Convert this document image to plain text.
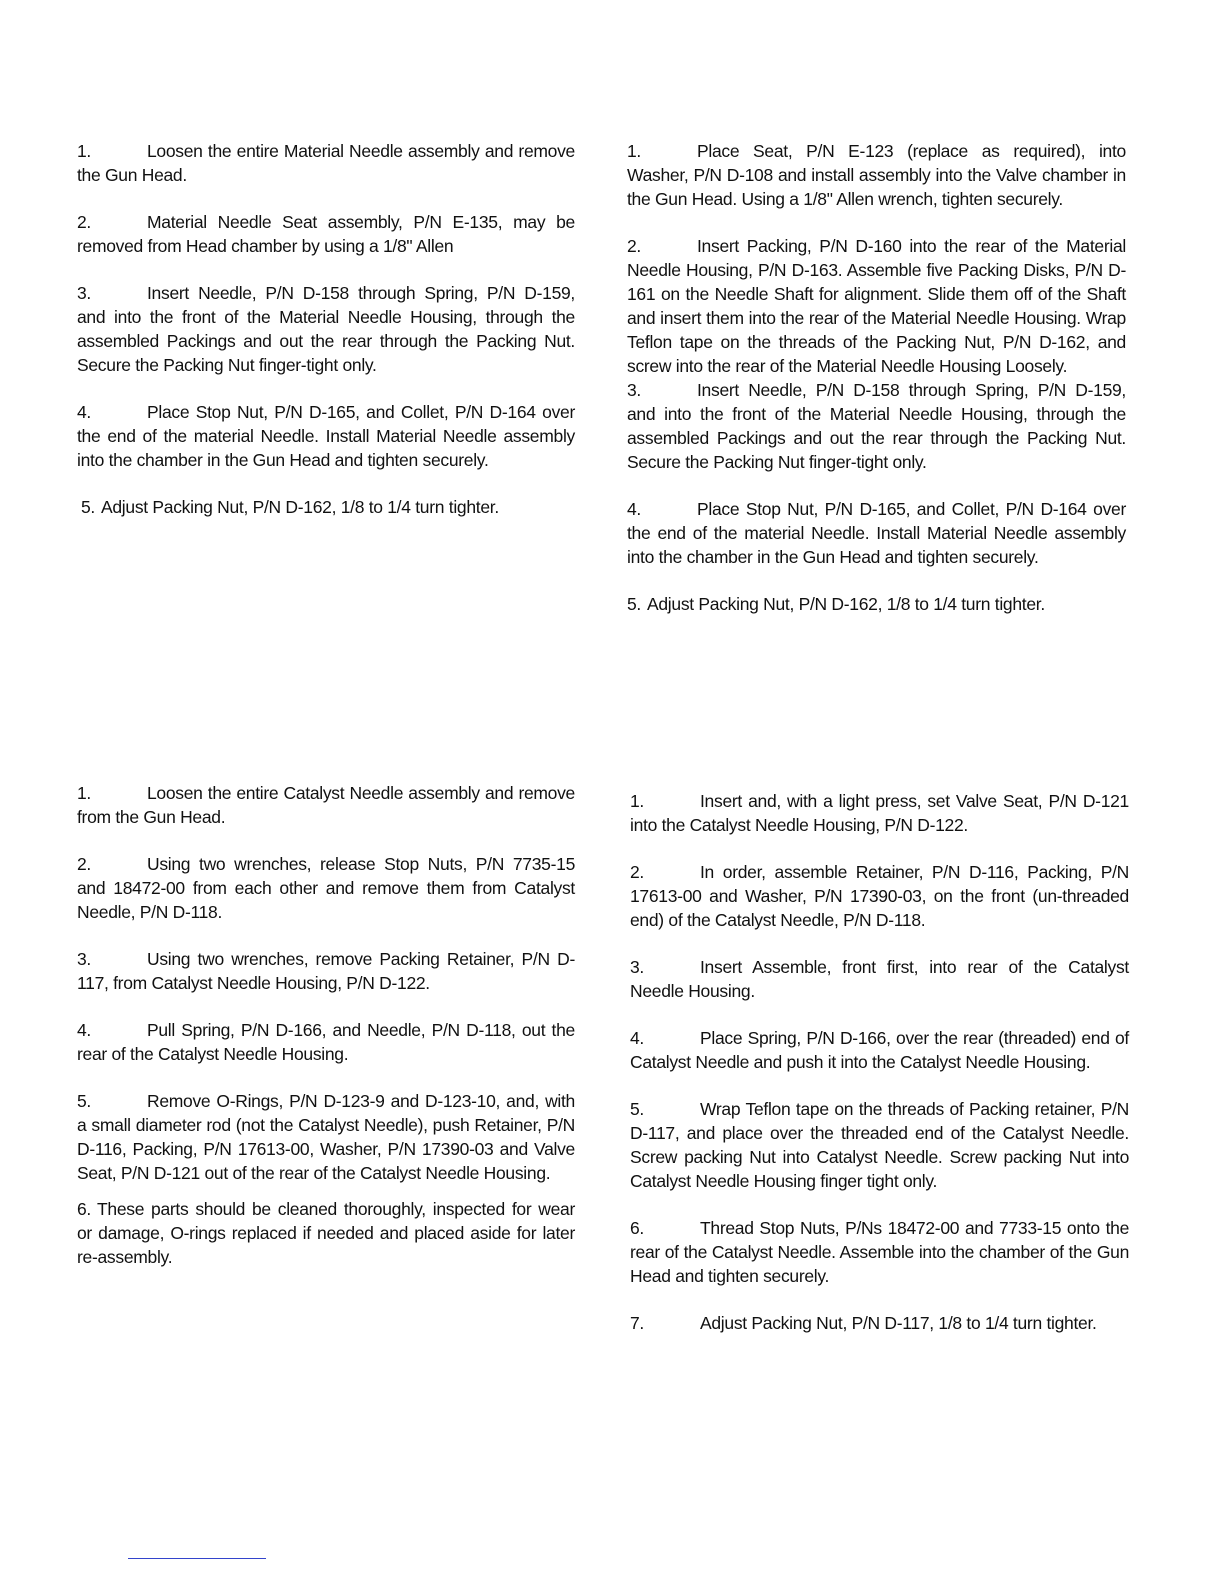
1.	Loosen the entire Material Needle assembly and remove the Gun Head.

2.	Material Needle Seat assembly, P/N E-135, may be removed from Head chamber by using a 1/8" Allen

3.	Insert Needle, P/N D-158 through Spring, P/N D-159, and into the front of the Material Needle Housing, through the assembled Packings and out the rear through the Packing Nut. Secure the Packing Nut finger-tight only.

4.	Place Stop Nut, P/N D-165, and Collet, P/N D-164 over the end of the material Needle. Install Material Needle assembly into the chamber in the Gun Head and tighten securely.

5. Adjust Packing Nut, P/N D-162, 1/8 to 1/4 turn tighter.

1.	Place Seat, P/N E-123 (replace as required), into Washer, P/N D-108 and install assembly into the Valve chamber in the Gun Head. Using a 1/8" Allen wrench, tighten securely.

2.	Insert Packing, P/N D-160 into the rear of the Material Needle Housing, P/N D-163. Assemble five Packing Disks, P/N D-161 on the Needle Shaft for alignment. Slide them off of the Shaft and insert them into the rear of the Material Needle Housing. Wrap Teflon tape on the threads of the Packing Nut, P/N D-162, and screw into the rear of the Material Needle Housing Loosely.

3.	Insert Needle, P/N D-158 through Spring, P/N D-159, and into the front of the Material Needle Housing, through the assembled Packings and out the rear through the Packing Nut. Secure the Packing Nut finger-tight only.

4.	Place Stop Nut, P/N D-165, and Collet, P/N D-164 over the end of the material Needle. Install Material Needle assembly into the chamber in the Gun Head and tighten securely.

5. Adjust Packing Nut, P/N D-162, 1/8 to 1/4 turn tighter.

1.	Loosen the entire Catalyst Needle assembly and remove from the Gun Head.

2.	Using two wrenches, release Stop Nuts, P/N 7735-15 and 18472-00 from each other and remove them from Catalyst Needle, P/N D-118.

3.	Using two wrenches, remove Packing Retainer, P/N D-117, from Catalyst Needle Housing, P/N D-122.

4.	Pull Spring, P/N D-166, and Needle, P/N D-118, out the rear of the Catalyst Needle Housing.

5.	Remove O-Rings, P/N D-123-9 and D-123-10, and, with a small diameter rod (not the Catalyst Needle), push Retainer, P/N D-116, Packing, P/N 17613-00, Washer, P/N 17390-03 and Valve Seat, P/N D-121 out of the rear of the Catalyst Needle Housing.

6. These parts should be cleaned thoroughly, inspected for wear or damage, O-rings replaced if needed and placed aside for later re-assembly.

1.	Insert and, with a light press, set Valve Seat, P/N D-121 into the Catalyst Needle Housing, P/N D-122.

2.	In order, assemble Retainer, P/N D-116, Packing, P/N 17613-00 and Washer, P/N 17390-03, on the front (un-threaded end) of the Catalyst Needle, P/N D-118.

3.	Insert Assemble, front first, into rear of the Catalyst Needle Housing.

4.	Place Spring, P/N D-166, over the rear (threaded) end of Catalyst Needle and push it into the Catalyst Needle Housing.

5.	Wrap Teflon tape on the threads of Packing retainer, P/N D-117, and place over the threaded end of the Catalyst Needle. Screw packing Nut into Catalyst Needle. Screw packing Nut into Catalyst Needle Housing finger tight only.

6.	Thread Stop Nuts, P/Ns 18472-00 and 7733-15 onto the rear of the Catalyst Needle. Assemble into the chamber of the Gun Head and tighten securely.

7.	Adjust Packing Nut, P/N D-117, 1/8 to 1/4 turn tighter.
